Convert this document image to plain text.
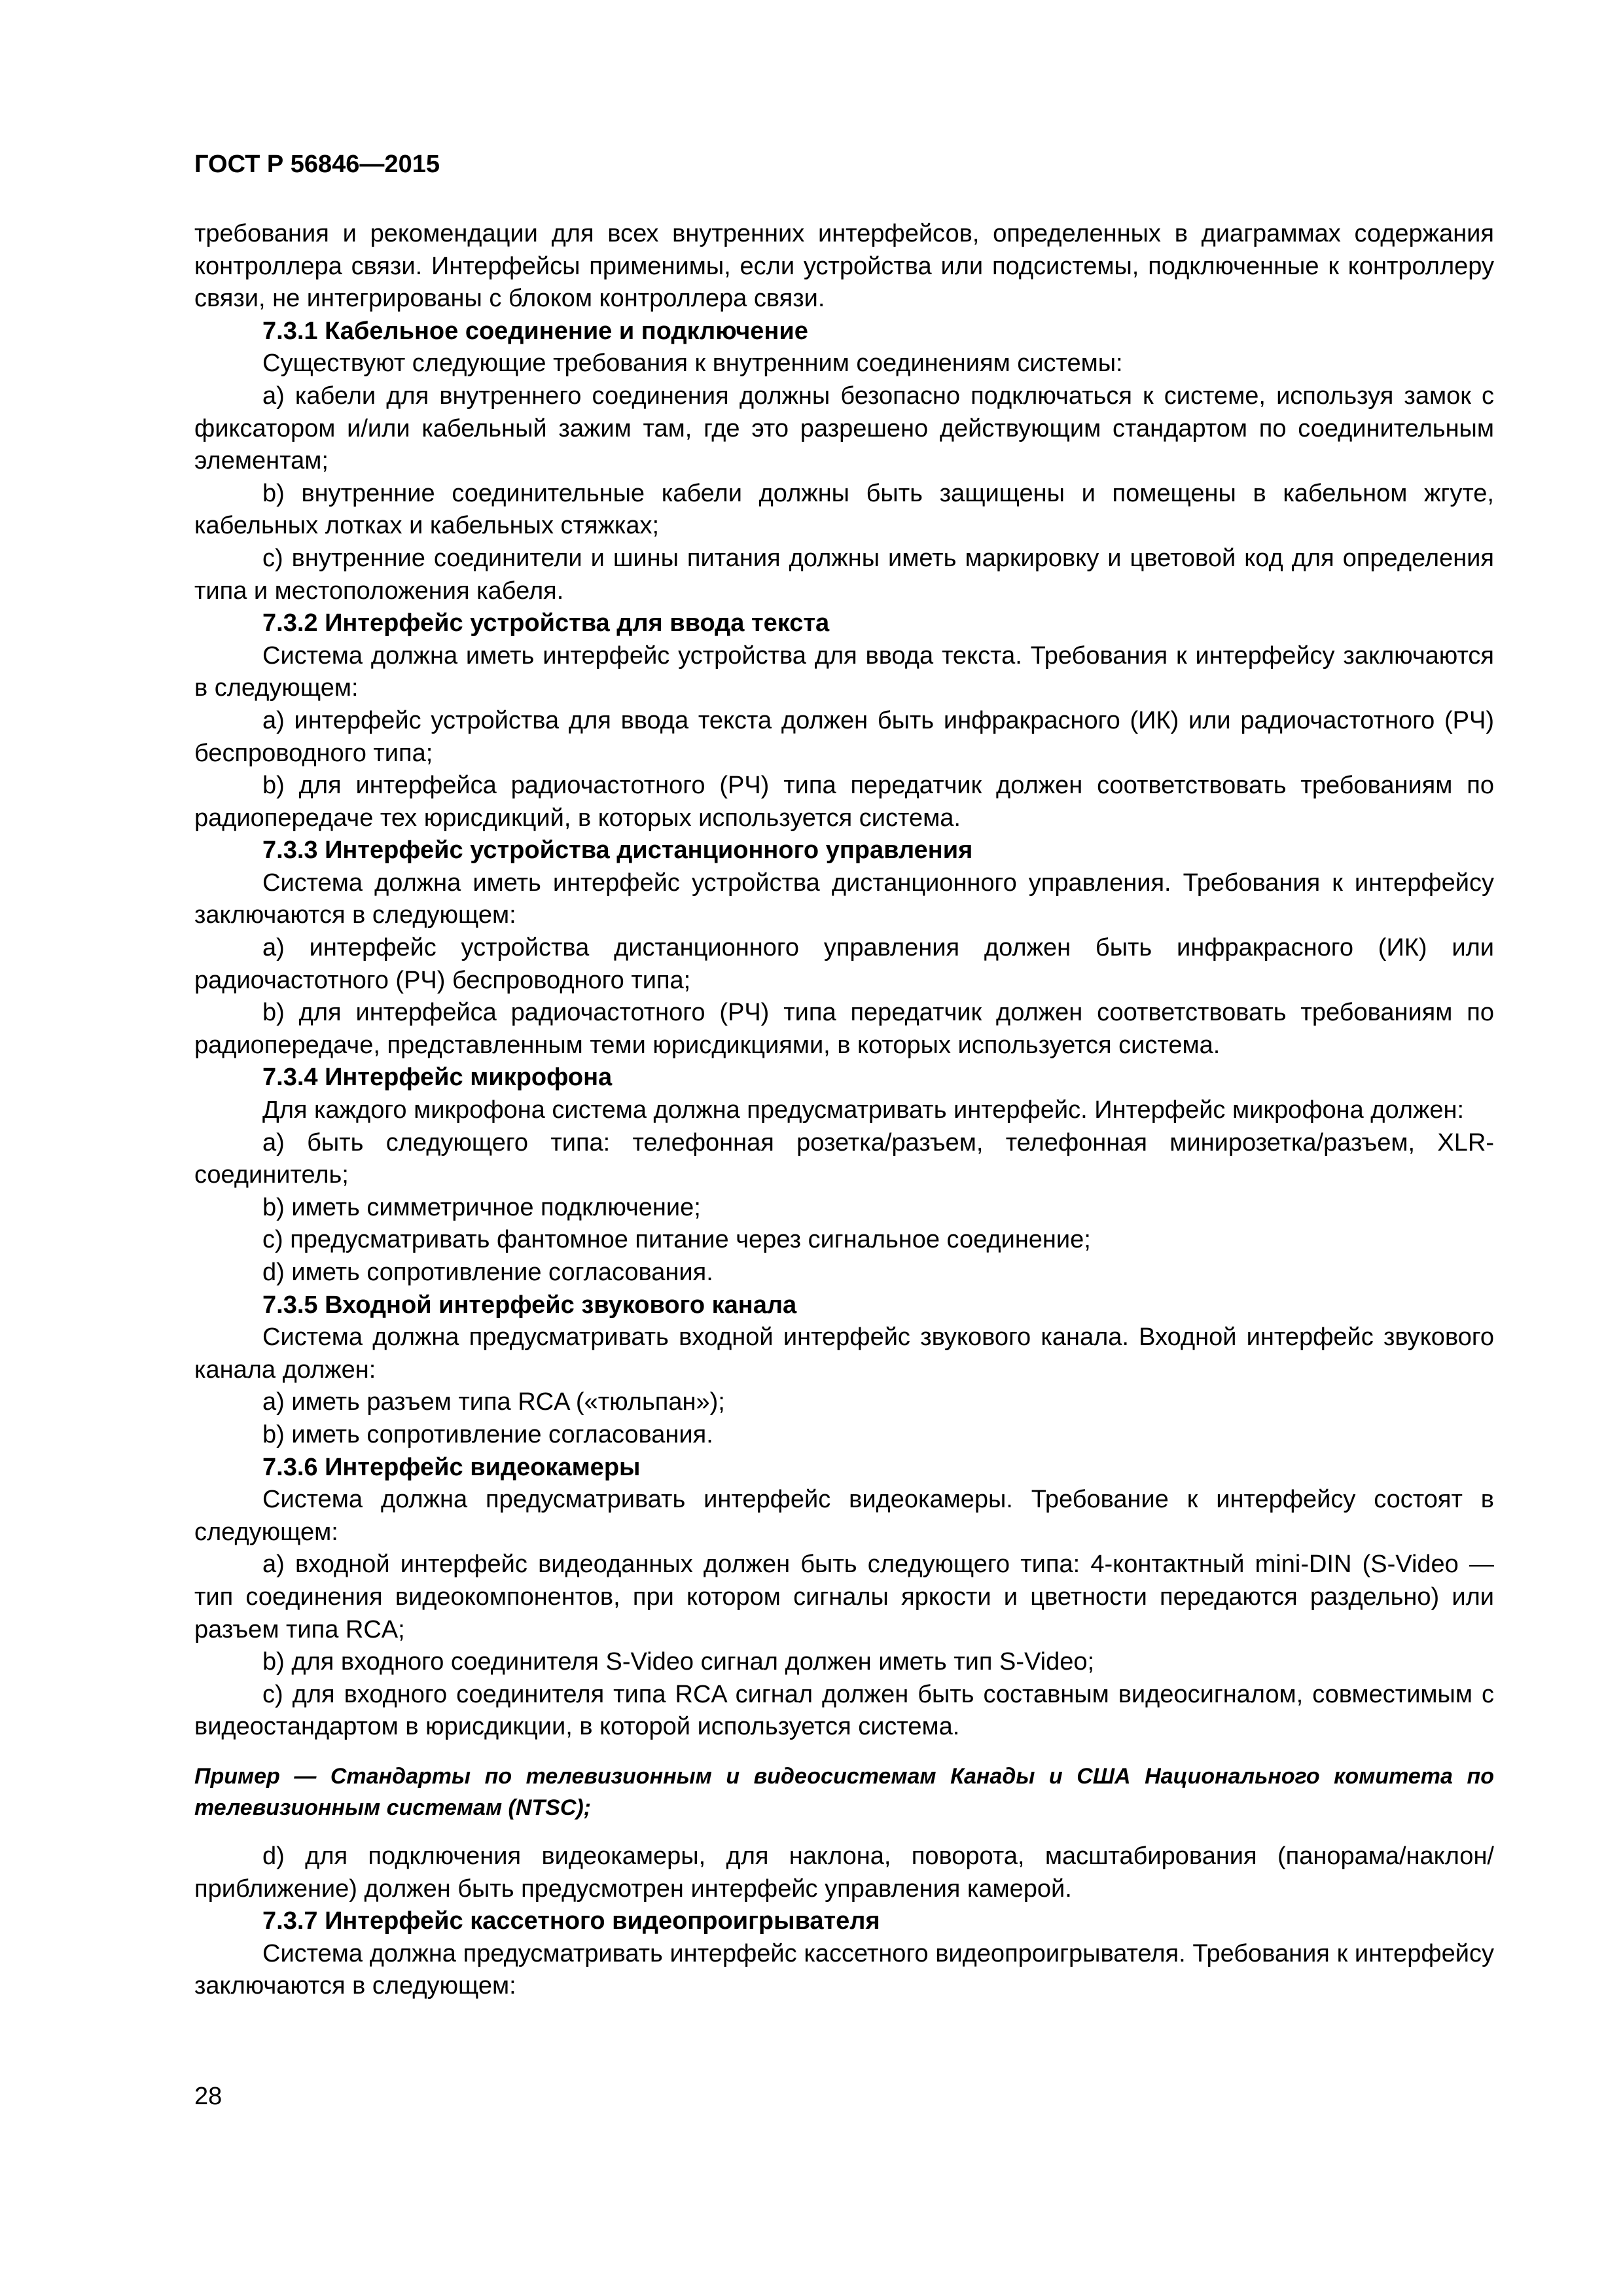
ГОСТ Р 56846—2015

требования и рекомендации для всех внутренних интерфейсов, определенных в диаграммах содержания контроллера связи. Интерфейсы применимы, если устройства или подсистемы, подключенные к контроллеру связи, не интегрированы с блоком контроллера связи.

7.3.1 Кабельное соединение и подключение

Существуют следующие требования к внутренним соединениям системы:

a) кабели для внутреннего соединения должны безопасно подключаться к системе, используя замок с фиксатором и/или кабельный зажим там, где это разрешено действующим стандартом по соединительным элементам;

b) внутренние соединительные кабели должны быть защищены и помещены в кабельном жгуте, кабельных лотках и кабельных стяжках;

c) внутренние соединители и шины питания должны иметь маркировку и цветовой код для определения типа и местоположения кабеля.

7.3.2 Интерфейс устройства для ввода текста

Система должна иметь интерфейс устройства для ввода текста. Требования к интерфейсу заключаются в следующем:

a) интерфейс устройства для ввода текста должен быть инфракрасного (ИК) или радиочастотного (РЧ) беспроводного типа;

b) для интерфейса радиочастотного (РЧ) типа передатчик должен соответствовать требованиям по радиопередаче тех юрисдикций, в которых используется система.

7.3.3 Интерфейс устройства дистанционного управления

Система должна иметь интерфейс устройства дистанционного управления. Требования к интерфейсу заключаются в следующем:

a) интерфейс устройства дистанционного управления должен быть инфракрасного (ИК) или радиочастотного (РЧ) беспроводного типа;

b) для интерфейса радиочастотного (РЧ) типа передатчик должен соответствовать требованиям по радиопередаче, представленным теми юрисдикциями, в которых используется система.

7.3.4 Интерфейс микрофона

Для каждого микрофона система должна предусматривать интерфейс. Интерфейс микрофона должен:

a) быть следующего типа: телефонная розетка/разъем, телефонная минирозетка/разъем, XLR-соединитель;

b) иметь симметричное подключение;

c) предусматривать фантомное питание через сигнальное соединение;

d) иметь сопротивление согласования.

7.3.5 Входной интерфейс звукового канала

Система должна предусматривать входной интерфейс звукового канала. Входной интерфейс звукового канала должен:

a) иметь разъем типа RCA («тюльпан»);

b) иметь сопротивление согласования.

7.3.6 Интерфейс видеокамеры

Система должна предусматривать интерфейс видеокамеры. Требование к интерфейсу состоят в следующем:

a) входной интерфейс видеоданных должен быть следующего типа: 4-контактный mini-DIN (S-Video — тип соединения видеокомпонентов, при котором сигналы яркости и цветности передаются раздельно) или разъем типа RCA;

b) для входного соединителя S-Video сигнал должен иметь тип S-Video;

c) для входного соединителя типа RCA сигнал должен быть составным видеосигналом, совместимым с видеостандартом в юрисдикции, в которой используется система.

Пример — Стандарты по телевизионным и видеосистемам Канады и США Национального комитета по телевизионным системам (NTSC);

d) для подключения видеокамеры, для наклона, поворота, масштабирования (панорама/наклон/приближение) должен быть предусмотрен интерфейс управления камерой.

7.3.7 Интерфейс кассетного видеопроигрывателя

Система должна предусматривать интерфейс кассетного видеопроигрывателя. Требования к интерфейсу заключаются в следующем:

28
